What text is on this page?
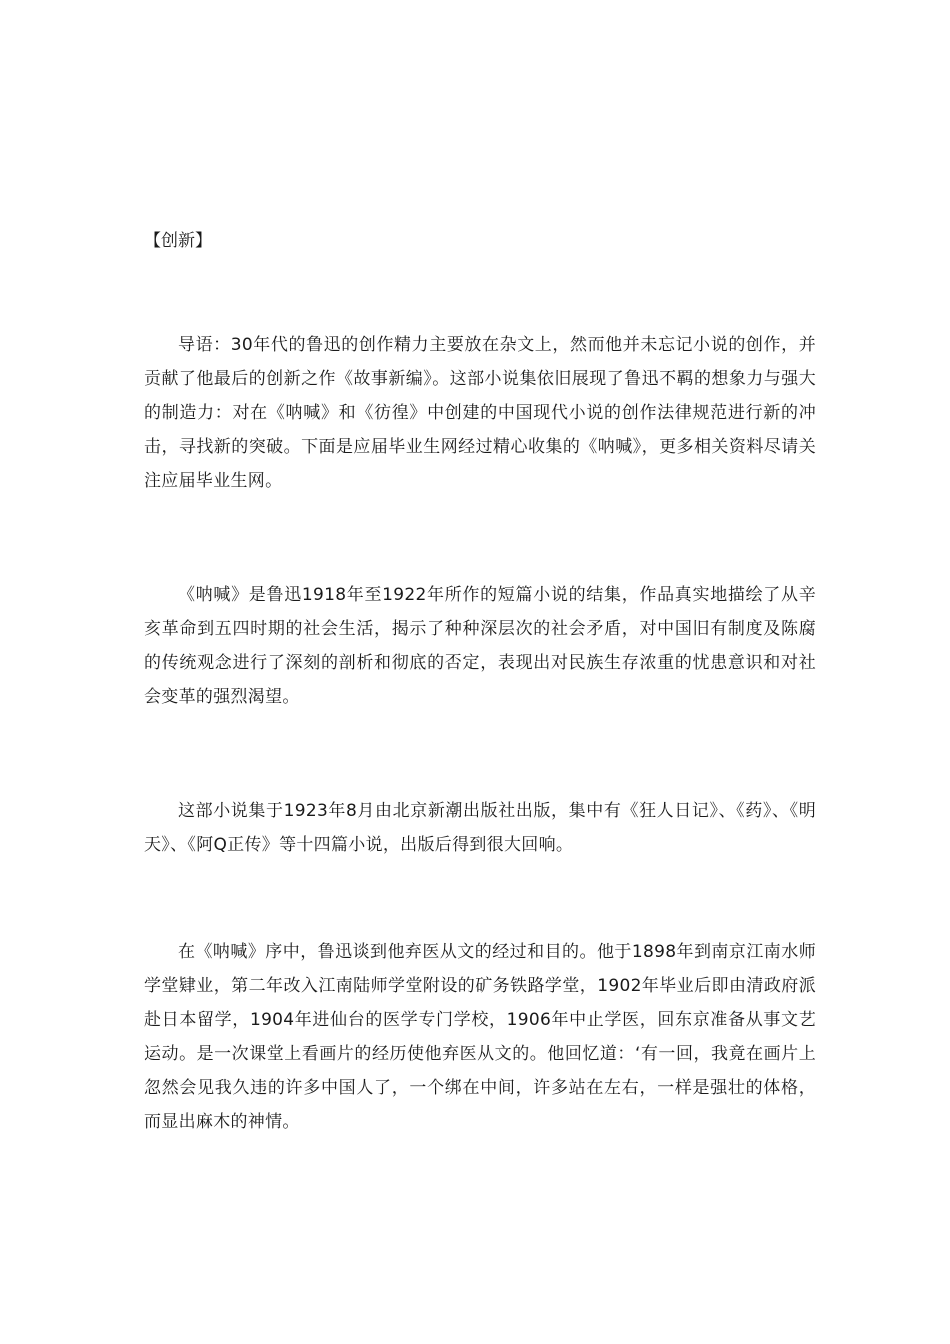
【创新】

导语：30年代的鲁迅的创作精力主要放在杂文上，然而他并未忘记小说的创作，并贡献了他最后的创新之作《故事新编》。这部小说集依旧展现了鲁迅不羁的想象力与强大的制造力：对在《呐喊》和《彷徨》中创建的中国现代小说的创作法律规范进行新的冲击，寻找新的突破。下面是应届毕业生网经过精心收集的《呐喊》，更多相关资料尽请关注应届毕业生网。

《呐喊》是鲁迅1918年至1922年所作的短篇小说的结集，作品真实地描绘了从辛亥革命到五四时期的社会生活，揭示了种种深层次的社会矛盾，对中国旧有制度及陈腐的传统观念进行了深刻的剖析和彻底的否定，表现出对民族生存浓重的忧患意识和对社会变革的强烈渴望。

这部小说集于1923年8月由北京新潮出版社出版，集中有《狂人日记》、《药》、《明天》、《阿Q正传》等十四篇小说，出版后得到很大回响。

在《呐喊》序中，鲁迅谈到他弃医从文的经过和目的。他于1898年到南京江南水师学堂肄业，第二年改入江南陆师学堂附设的矿务铁路学堂，1902年毕业后即由清政府派赴日本留学，1904年进仙台的医学专门学校，1906年中止学医，回东京准备从事文艺运动。是一次课堂上看画片的经历使他弃医从文的。他回忆道：‘有一回，我竟在画片上忽然会见我久违的许多中国人了，一个绑在中间，许多站在左右，一样是强壮的体格，而显出麻木的神情。
